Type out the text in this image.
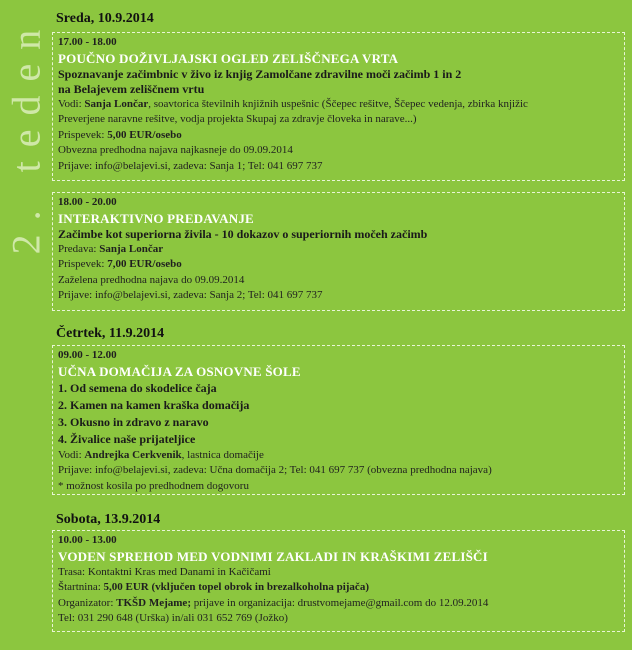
2. teden Sreda, 10.9.2014
17.00 - 18.00
POUČNO DOŽIVLJAJSKI OGLED ZELIŠČNEGA VRTA
Spoznavanje začimbnic v živo iz knjig Zamolčane zdravilne moči začimb 1 in 2
na Belajevem zeliščnem vrtu
Vodi: Sanja Lončar, soavtorica številnih knjižnih uspešnic (Ščepec rešitve, Ščepec vedenja, zbirka knjižic
Preverjene naravne rešitve, vodja projekta Skupaj za zdravje človeka in narave...)
Prispevek: 5,00 EUR/osebo
Obvezna predhodna najava najkasneje do 09.09.2014
Prijave: info@belajevi.si, zadeva: Sanja 1; Tel: 041 697 737
18.00 - 20.00
INTERAKTIVNO PREDAVANJE
Začimbe kot superiorna živila - 10 dokazov o superiornih močeh začimb
Predava: Sanja Lončar
Prispevek: 7,00 EUR/osebo
Zaželena predhodna najava do 09.09.2014
Prijave: info@belajevi.si, zadeva: Sanja 2; Tel: 041 697 737
Četrtek, 11.9.2014
09.00 - 12.00
UČNA DOMAČIJA ZA OSNOVNE ŠOLE
1. Od semena do skodelice čaja
2. Kamen na kamen kraška domačija
3. Okusno in zdravo z naravo
4. Živalice naše prijateljice
Vodi: Andrejka Cerkvenik, lastnica domačije
Prijave: info@belajevi.si, zadeva: Učna domačija 2; Tel: 041 697 737 (obvezna predhodna najava)
* možnost kosila po predhodnem dogovoru
Sobota, 13.9.2014
10.00 - 13.00
VODEN SPREHOD MED VODNIMI ZAKLADI IN KRAŠKIMI ZELIŠČI
Trasa: Kontaktni Kras med Danami in Kačičami
Štartnina: 5,00 EUR (vključen topel obrok in brezalkoholna pijača)
Organizator: TKŠD Mejame; prijave in organizacija: drustvomejame@gmail.com do 12.09.2014
Tel: 031 290 648 (Urška) in/ali 031 652 769 (Jožko)
